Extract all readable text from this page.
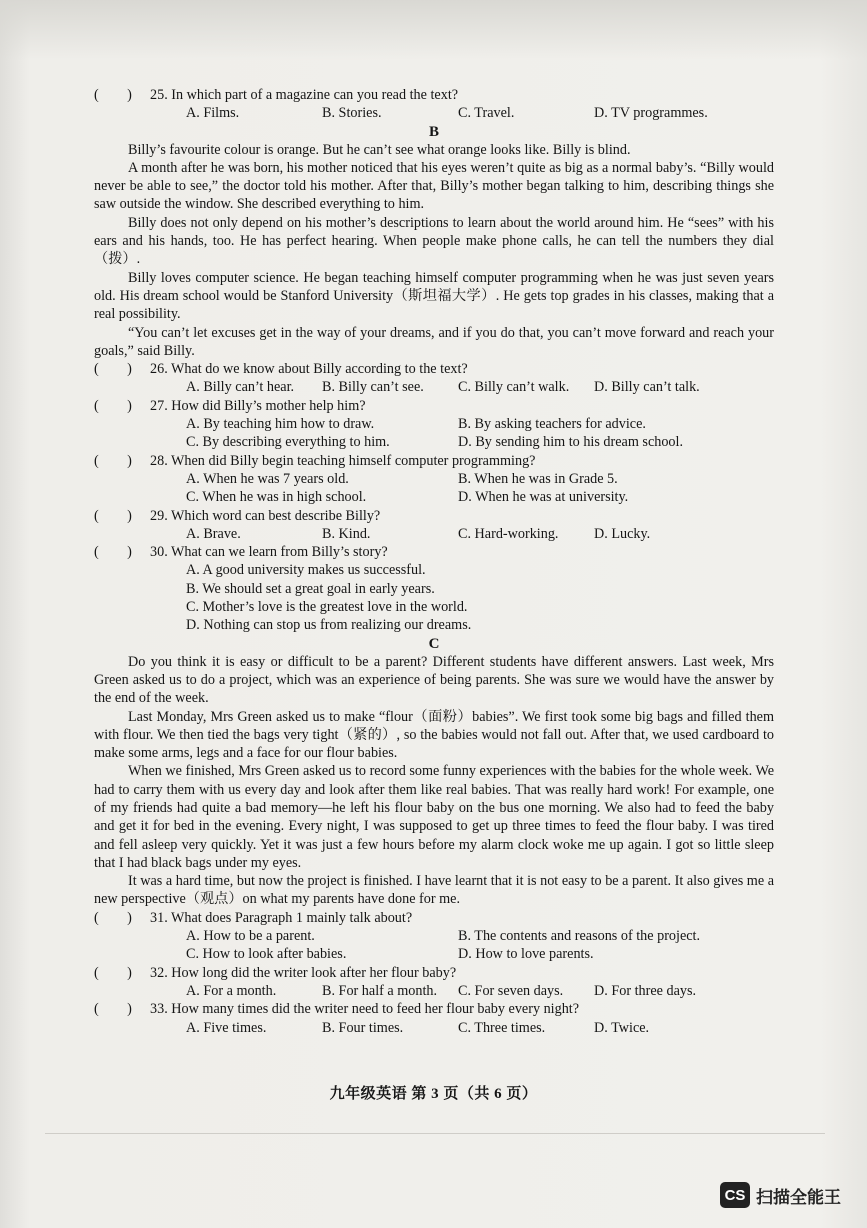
(        )	25. In which part of a magazine can you read the text?
A. Films.	B. Stories.	C. Travel.	D. TV programmes.

B

Billy’s favourite colour is orange. But he can’t see what orange looks like. Billy is blind.

A month after he was born, his mother noticed that his eyes weren’t quite as big as a normal baby’s. “Billy would never be able to see,” the doctor told his mother. After that, Billy’s mother began talking to him, describing things she saw outside the window. She described everything to him.

Billy does not only depend on his mother’s descriptions to learn about the world around him. He “sees” with his ears and his hands, too. He has perfect hearing. When people make phone calls, he can tell the numbers they dial（拨）.

Billy loves computer science. He began teaching himself computer programming when he was just seven years old. His dream school would be Stanford University（斯坦福大学）. He gets top grades in his classes, making that a real possibility.

“You can’t let excuses get in the way of your dreams, and if you do that, you can’t move forward and reach your goals,” said Billy.

(        )	26. What do we know about Billy according to the text?
A. Billy can’t hear.	B. Billy can’t see.	C. Billy can’t walk.	D. Billy can’t talk.
(        )	27. How did Billy’s mother help him?
A. By teaching him how to draw.	B. By asking teachers for advice.
C. By describing everything to him.	D. By sending him to his dream school.
(        )	28. When did Billy begin teaching himself computer programming?
A. When he was 7 years old.	B. When he was in Grade 5.
C. When he was in high school.	D. When he was at university.
(        )	29. Which word can best describe Billy?
A. Brave.	B. Kind.	C. Hard-working.	D. Lucky.
(        )	30. What can we learn from Billy’s story?
A. A good university makes us successful.
B. We should set a great goal in early years.
C. Mother’s love is the greatest love in the world.
D. Nothing can stop us from realizing our dreams.

C

Do you think it is easy or difficult to be a parent? Different students have different answers. Last week, Mrs Green asked us to do a project, which was an experience of being parents. She was sure we would have the answer by the end of the week.

Last Monday, Mrs Green asked us to make “flour（面粉）babies”. We first took some big bags and filled them with flour. We then tied the bags very tight（紧的）, so the babies would not fall out. After that, we used cardboard to make some arms, legs and a face for our flour babies.

When we finished, Mrs Green asked us to record some funny experiences with the babies for the whole week. We had to carry them with us every day and look after them like real babies. That was really hard work! For example, one of my friends had quite a bad memory—he left his flour baby on the bus one morning. We also had to feed the baby and get it for bed in the evening. Every night, I was supposed to get up three times to feed the flour baby. I was tired and fell asleep very quickly. Yet it was just a few hours before my alarm clock woke me up again. I got so little sleep that I had black bags under my eyes.

It was a hard time, but now the project is finished. I have learnt that it is not easy to be a parent. It also gives me a new perspective（观点）on what my parents have done for me.

(        )	31. What does Paragraph 1 mainly talk about?
A. How to be a parent.	B. The contents and reasons of the project.
C. How to look after babies.	D. How to love parents.
(        )	32. How long did the writer look after her flour baby?
A. For a month.	B. For half a month.	C. For seven days.	D. For three days.
(        )	33. How many times did the writer need to feed her flour baby every night?
A. Five times.	B. Four times.	C. Three times.	D. Twice.
九年级英语 第 3 页（共 6 页）
CS 扫描全能王
